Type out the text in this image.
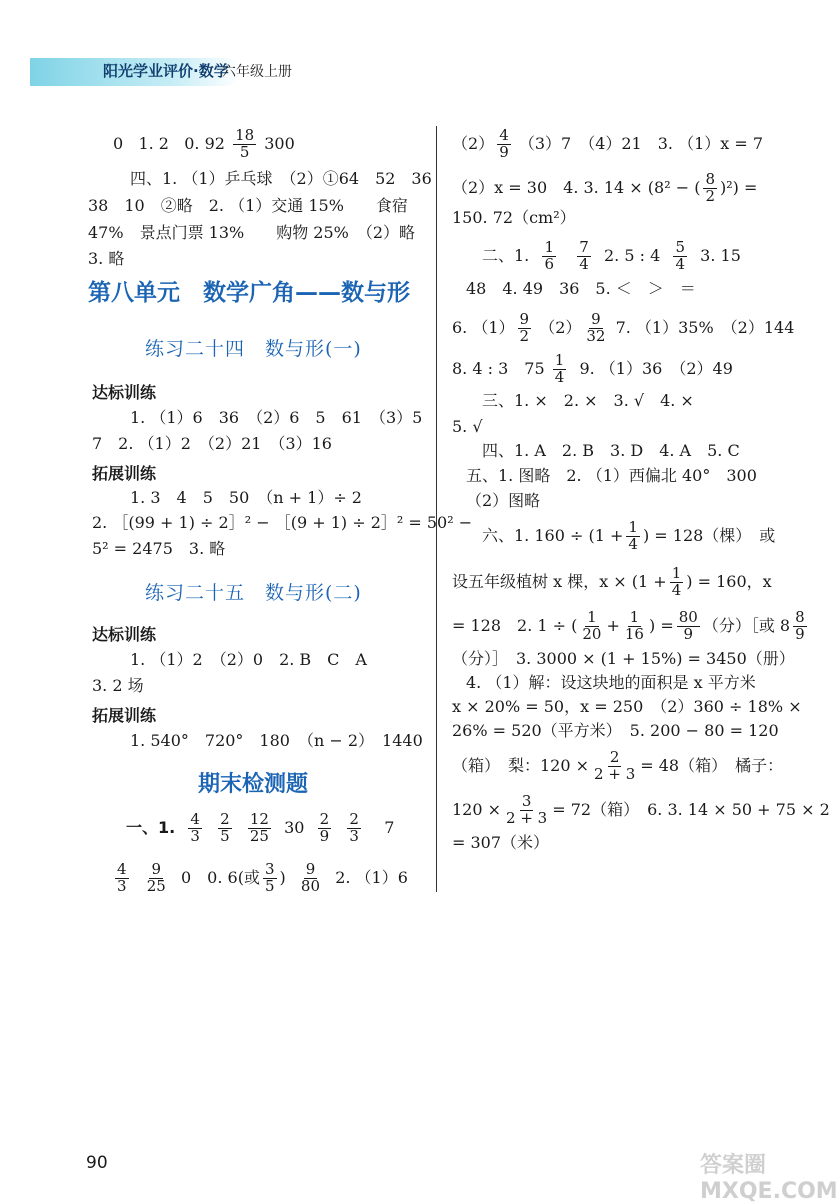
阳光学业评价·数学
六年级上册
0 1. 2 0. $92 \frac{18}{5} 300$
四、1. （1）乒乓球　（2）①64　52　36
38　10　②略　2. （1）交通 15%　　食宿
47%　景点门票 13%　　购物 25%　（2）略
3. 略
第八单元　数学广角——数与形
练习二十四　数与形(一)
达标训练
1. （1）6　36　（2）6　5　61　（3）5
7　2. （1）2　（2）21　（3）16
拓展训练
1. 3　4　5　50　（n + 1）÷ 2
2. ［(99 + 1) ÷ 2］² − ［(9 + 1) ÷ 2］² = 50² −
5² = 2475　3. 略
练习二十五　数与形(二)
达标训练
1. （1）2　（2）0　2. B　C　A
3. 2 场
拓展训练
1. 540°　720°　180　（n − 2）　1440
期末检测题
一、1. $\frac{4}{3}$
$\frac{2}{5}$
$\frac{12}{25} 30 \frac{2}{9}$
$\frac{2}{3} 7$
$\frac{4}{3}$
$\frac{9}{25} 0$　0. 6(或 $\frac{3}{5}$ ) $\frac{9}{80} 2$. （1）6
$(2) \frac{4}{9} (3)7$　（4）21　3. （1）x = 7
（2）x = 30　4. 3. 14 × (8² − ( $\frac{8}{2} )^2$) =
150. 72（cm²）
二、1. $\frac{1}{6}$
$\frac{7}{4} 2$. 5 : $4 \frac{5}{4} 3$. 15
48　4. 49　36　5. ＜　＞　＝
6. $(1) \frac{9}{2} (2) \frac{9}{32} 7$. （1）35%　（2）144
8. 4 : 3　$75 \frac{1}{4} 9$. （1）36　（2）49
三、1. ×　2. ×　3. √　4. ×
5. √
四、1. A　2. B　3. D　4. A　5. C
五、1. 图略　2. （1）西偏北 40°　300
（2）图略
六、1. $160 \div (1 + \frac{1}{4}$ ) = 128（棵）　或
设五年级植树 x 棵，$x \times (1 + \frac{1}{4}$ ) = 160，x
= 128　2. 1 ÷ ( $\frac{1}{20} + \frac{1}{16}$ ) = $\frac{80}{9}$ （分）［或 $8 \frac{8}{9}$
（分）］　3. 3000 × (1 + 15%) = 3450（册）
4. （1）解：设这块地的面积是 x 平方米
x × 20% = 50，x = 250　（2）360 ÷ 18% ×
26% = 520（平方米）　5. 200 − 80 = 120
（箱）　梨：$120 \times \frac{2}{2 + 3} = 48$（箱）　橘子：
$120 \times \frac{3}{2 + 3} = 72$（箱）　6. 3. 14 × 50 + 75 × 2
= 307（米）
90	答案圈 MXQE.COM
